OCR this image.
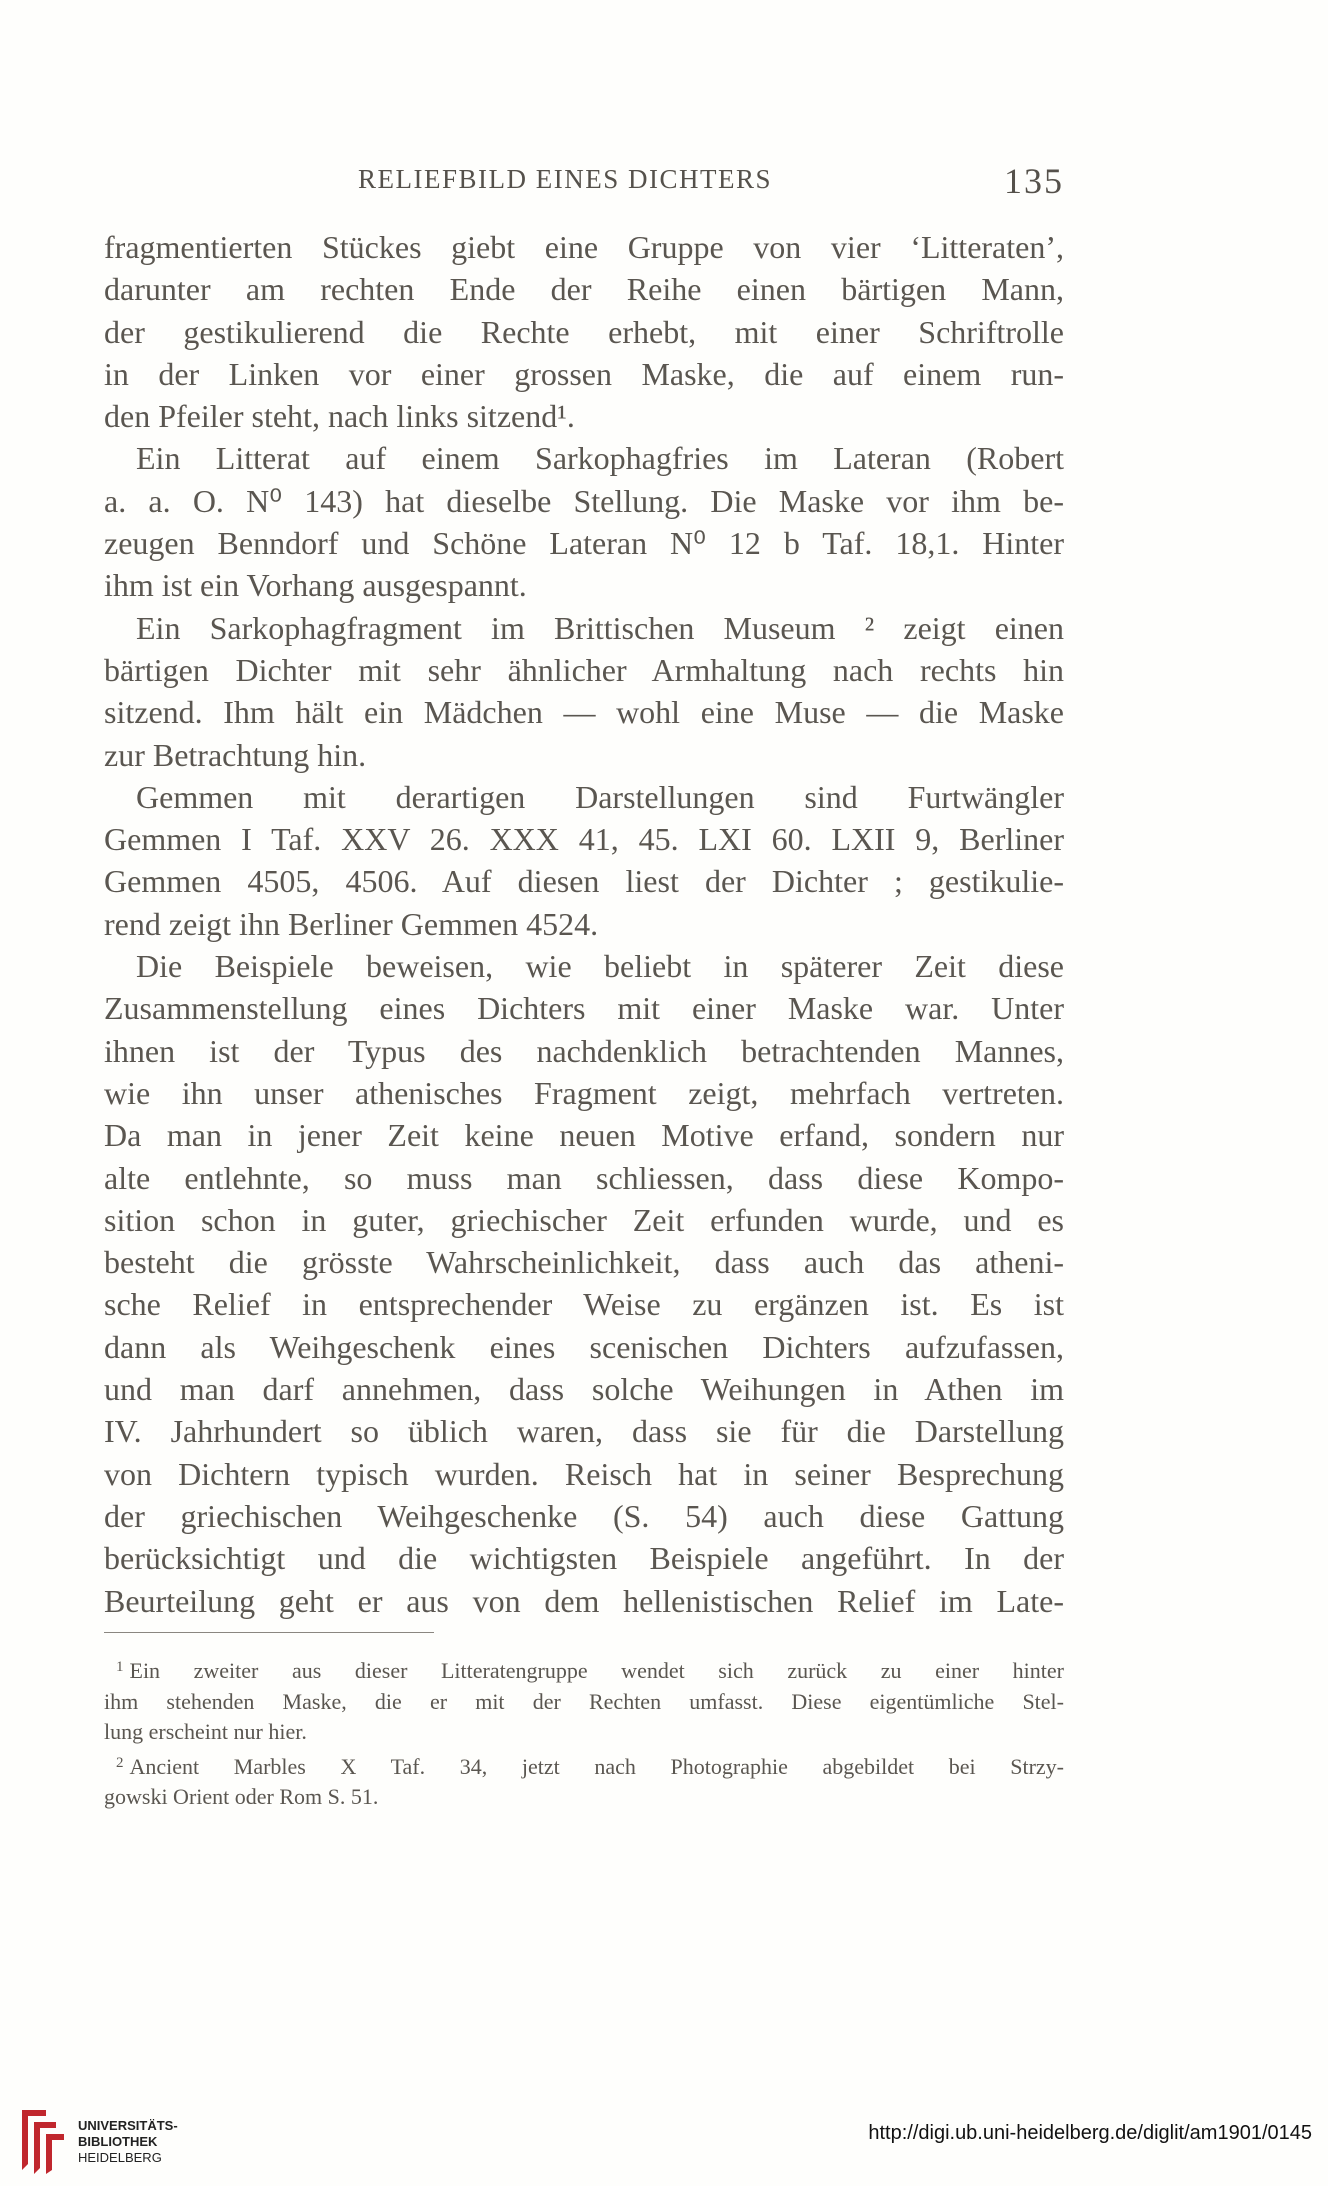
RELIEFBILD EINES DICHTERS	135

fragmentierten Stückes giebt eine Gruppe von vier ‘Litteraten’,

darunter am rechten Ende der Reihe einen bärtigen Mann,

der gestikulierend die Rechte erhebt, mit einer Schriftrolle

in der Linken vor einer grossen Maske, die auf einem run-

den Pfeiler steht, nach links sitzend¹.

Ein Litterat auf einem Sarkophagfries im Lateran (Robert

a. a. O. N⁰ 143) hat dieselbe Stellung. Die Maske vor ihm be-

zeugen Benndorf und Schöne Lateran N⁰ 12 b Taf. 18,1. Hinter

ihm ist ein Vorhang ausgespannt.

Ein Sarkophagfragment im Brittischen Museum ² zeigt einen

bärtigen Dichter mit sehr ähnlicher Armhaltung nach rechts hin

sitzend. Ihm hält ein Mädchen — wohl eine Muse — die Maske

zur Betrachtung hin.

Gemmen mit derartigen Darstellungen sind Furtwängler

Gemmen I Taf. XXV 26. XXX 41, 45. LXI 60. LXII 9, Berliner

Gemmen 4505, 4506. Auf diesen liest der Dichter ; gestikulie-

rend zeigt ihn Berliner Gemmen 4524.

Die Beispiele beweisen, wie beliebt in späterer Zeit diese

Zusammenstellung eines Dichters mit einer Maske war. Unter

ihnen ist der Typus des nachdenklich betrachtenden Mannes,

wie ihn unser athenisches Fragment zeigt, mehrfach vertreten.

Da man in jener Zeit keine neuen Motive erfand, sondern nur

alte entlehnte, so muss man schliessen, dass diese Kompo-

sition schon in guter, griechischer Zeit erfunden wurde, und es

besteht die grösste Wahrscheinlichkeit, dass auch das atheni-

sche Relief in entsprechender Weise zu ergänzen ist. Es ist

dann als Weihgeschenk eines scenischen Dichters aufzufassen,

und man darf annehmen, dass solche Weihungen in Athen im

IV. Jahrhundert so üblich waren, dass sie für die Darstellung

von Dichtern typisch wurden. Reisch hat in seiner Besprechung

der griechischen Weihgeschenke (S. 54) auch diese Gattung

berücksichtigt und die wichtigsten Beispiele angeführt. In der

Beurteilung geht er aus von dem hellenistischen Relief im Late-

$^1$ Ein zweiter aus dieser Litteratengruppe wendet sich zurück zu einer hinter

ihm stehenden Maske, die er mit der Rechten umfasst. Diese eigentümliche Stel-

lung erscheint nur hier.

$^2$ Ancient Marbles X Taf. 34, jetzt nach Photographie abgebildet bei Strzy-

gowski Orient oder Rom S. 51.

UNIVERSITÄTS-
BIBLIOTHEK
HEIDELBERG
http://digi.ub.uni-heidelberg.de/diglit/am1901/0145
